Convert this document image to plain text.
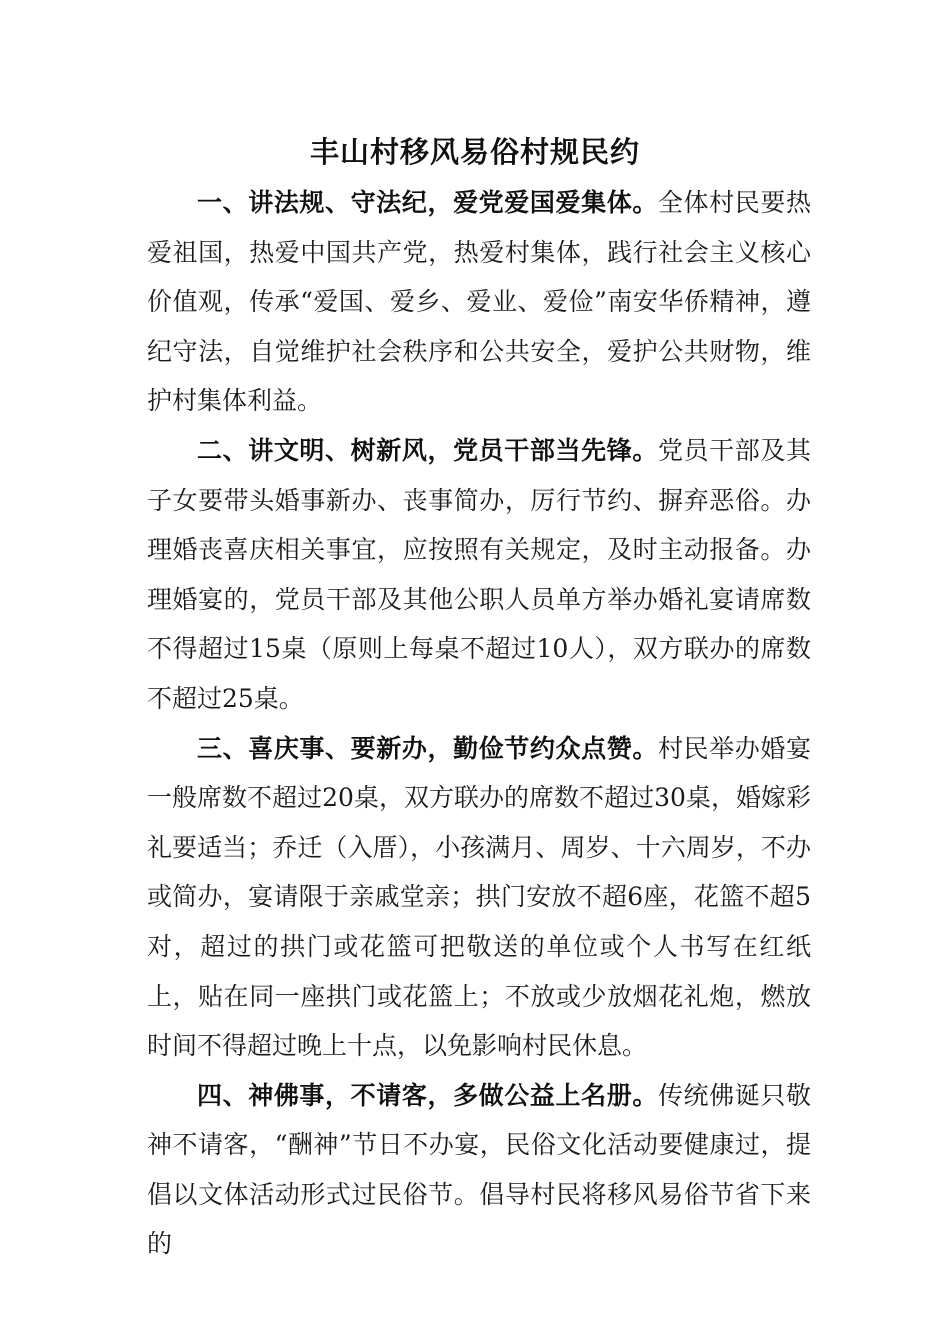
丰山村移风易俗村规民约

一、讲法规、守法纪，爱党爱国爱集体。全体村民要热爱祖国，热爱中国共产党，热爱村集体，践行社会主义核心价值观，传承“爱国、爱乡、爱业、爱俭”南安华侨精神，遵纪守法，自觉维护社会秩序和公共安全，爱护公共财物，维护村集体利益。

二、讲文明、树新风，党员干部当先锋。党员干部及其子女要带头婚事新办、丧事简办，厉行节约、摒弃恶俗。办理婚丧喜庆相关事宜，应按照有关规定，及时主动报备。办理婚宴的，党员干部及其他公职人员单方举办婚礼宴请席数不得超过15桌（原则上每桌不超过10人），双方联办的席数不超过25桌。

三、喜庆事、要新办，勤俭节约众点赞。村民举办婚宴一般席数不超过20桌，双方联办的席数不超过30桌，婚嫁彩礼要适当；乔迁（入厝），小孩满月、周岁、十六周岁，不办或简办，宴请限于亲戚堂亲；拱门安放不超6座，花篮不超5对，超过的拱门或花篮可把敬送的单位或个人书写在红纸上，贴在同一座拱门或花篮上；不放或少放烟花礼炮，燃放时间不得超过晚上十点，以免影响村民休息。

四、神佛事，不请客，多做公益上名册。传统佛诞只敬神不请客，“酬神”节日不办宴，民俗文化活动要健康过，提倡以文体活动形式过民俗节。倡导村民将移风易俗节省下来的
